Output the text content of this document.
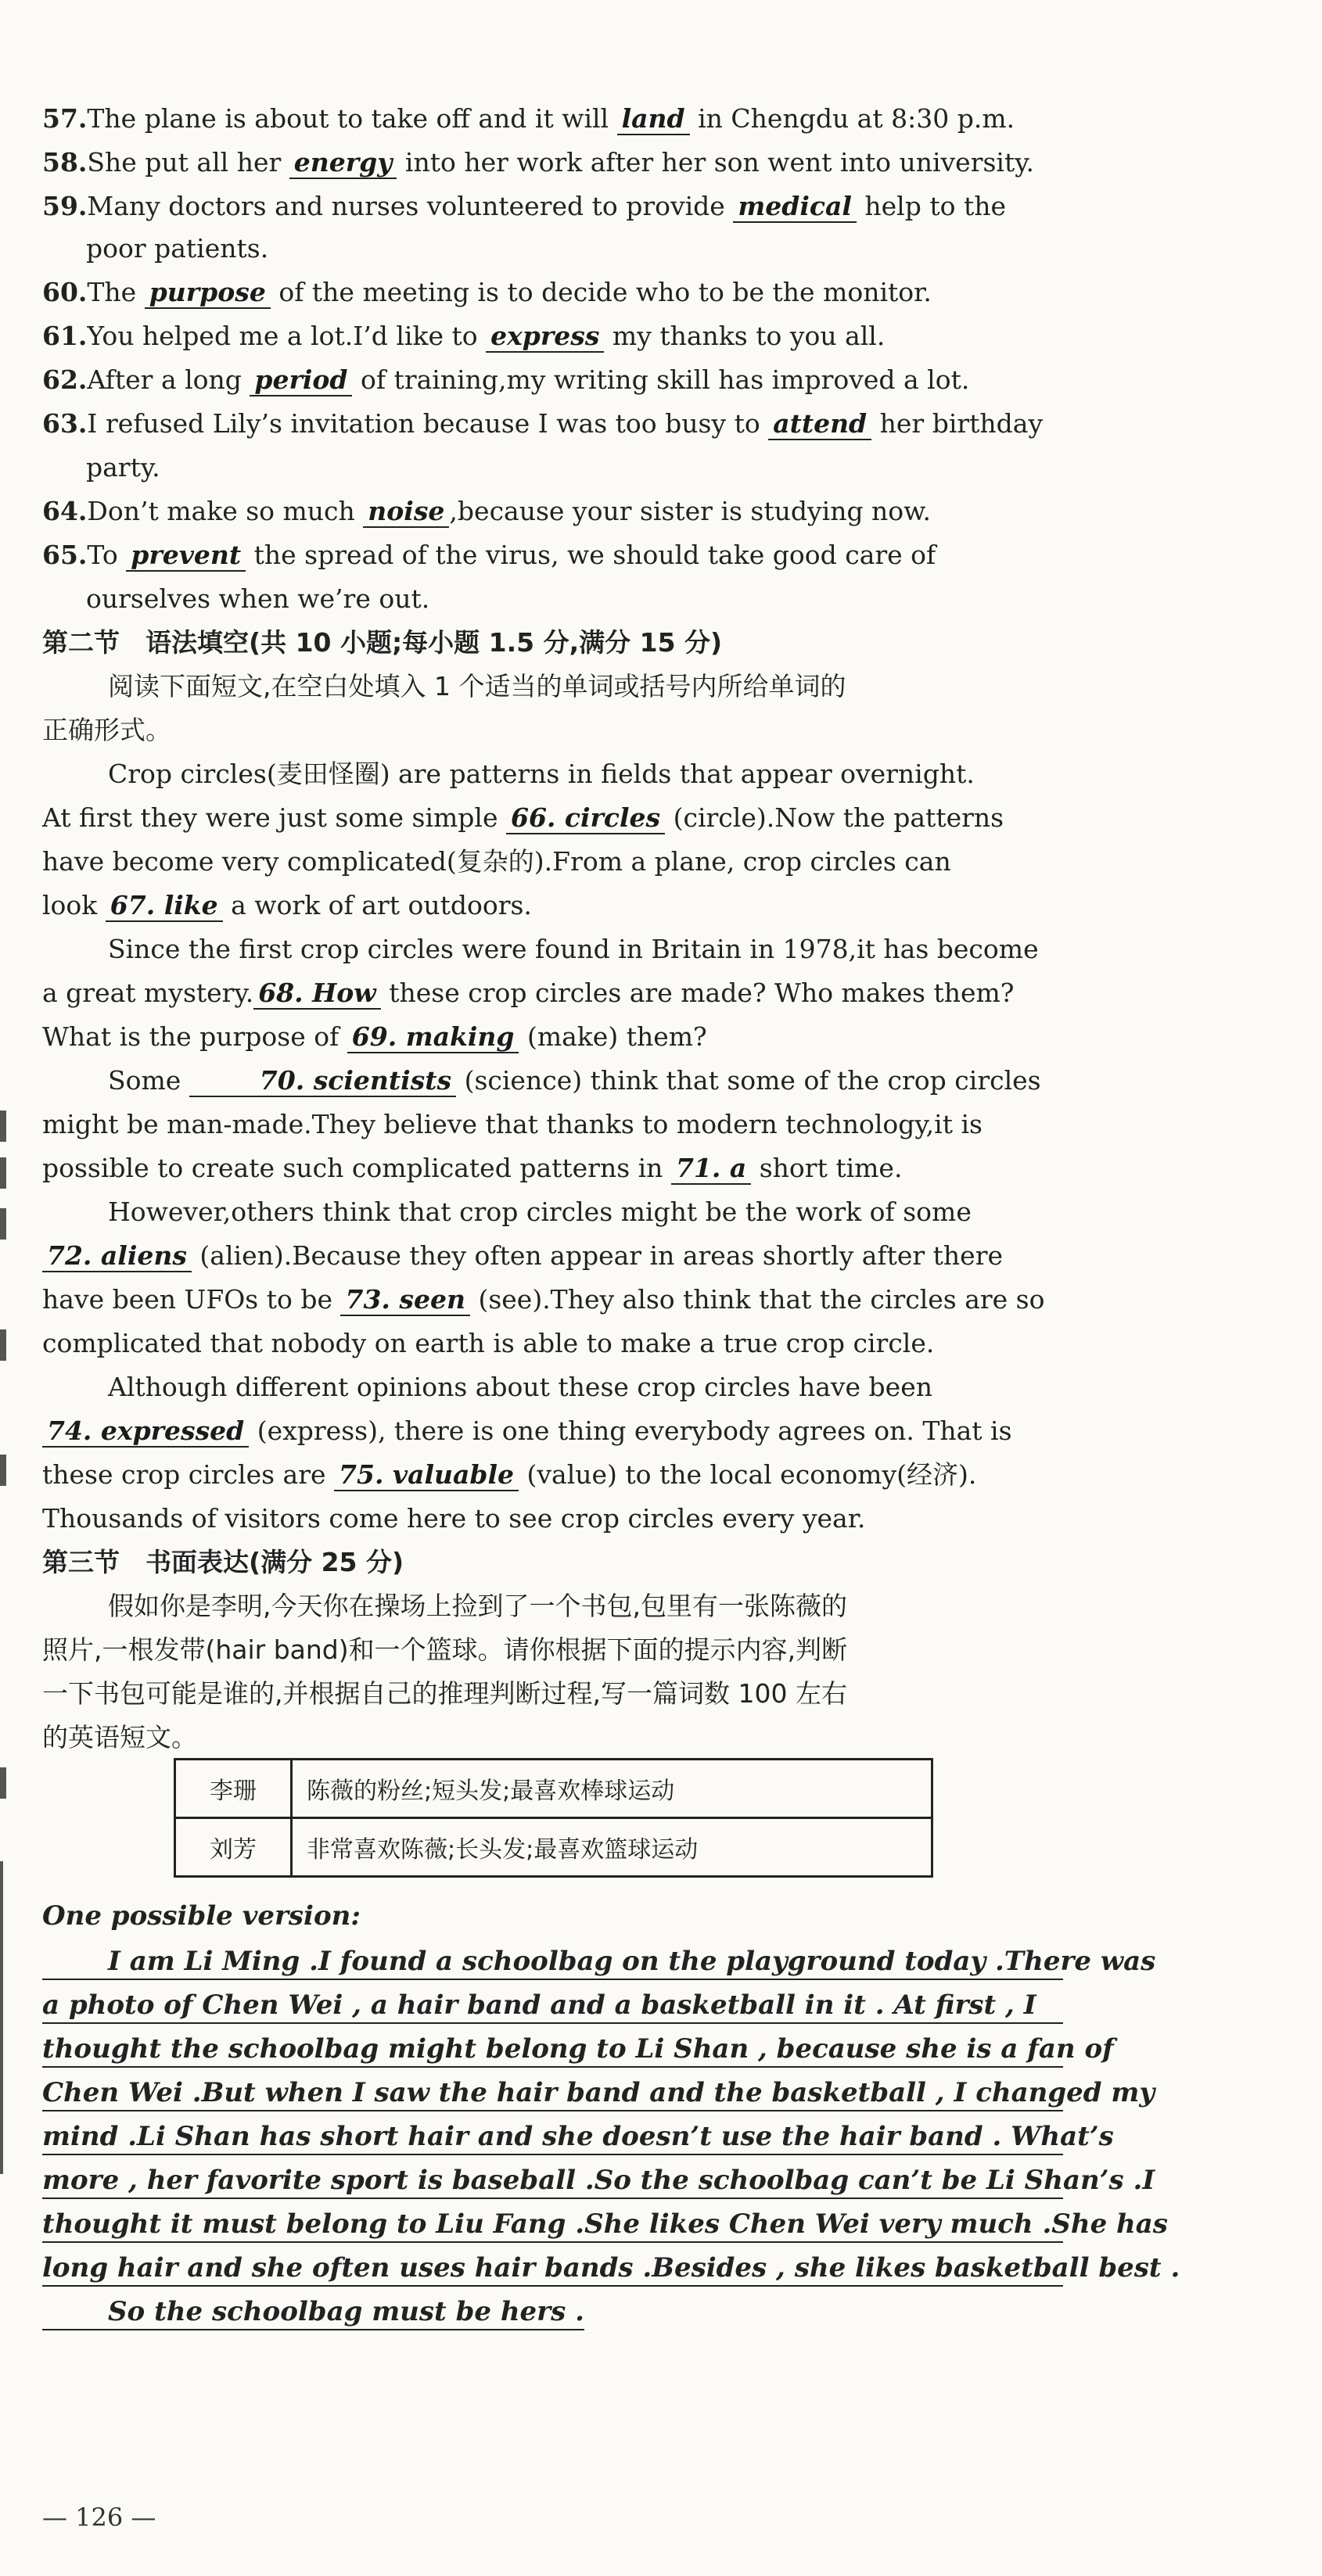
57.The plane is about to take off and it will land in Chengdu at 8:30 p.m.
58.She put all her energy into her work after her son went into university.
59.Many doctors and nurses volunteered to provide medical help to the
poor patients.
60.The purpose of the meeting is to decide who to be the monitor.
61.You helped me a lot.I’d like to express my thanks to you all.
62.After a long period of training,my writing skill has improved a lot.
63.I refused Lily’s invitation because I was too busy to attend her birthday
party.
64.Don’t make so much noise ,because your sister is studying now.
65.To prevent the spread of the virus, we should take good care of
ourselves when we’re out.
第二节　语法填空(共 10 小题;每小题 1.5 分,满分 15 分)
阅读下面短文,在空白处填入 1 个适当的单词或括号内所给单词的
正确形式。
Crop circles(麦田怪圈) are patterns in fields that appear overnight.
At first they were just some simple 66. circles (circle).Now the patterns
have become very complicated(复杂的).From a plane, crop circles can
look 67. like a work of art outdoors.
Since the first crop circles were found in Britain in 1978,it has become
a great mystery. 68. How these crop circles are made? Who makes them?
What is the purpose of 69. making (make) them?
Some	70. scientists (science) think that some of the crop circles
might be man-made.They believe that thanks to modern technology,it is
possible to create such complicated patterns in 71. a short time.
However,others think that crop circles might be the work of some
72. aliens (alien).Because they often appear in areas shortly after there
have been UFOs to be 73. seen (see).They also think that the circles are so
complicated that nobody on earth is able to make a true crop circle.
Although different opinions about these crop circles have been
74. expressed (express), there is one thing everybody agrees on. That is
these crop circles are 75. valuable (value) to the local economy(经济).
Thousands of visitors come here to see crop circles every year.
第三节　书面表达(满分 25 分)
假如你是李明,今天你在操场上捡到了一个书包,包里有一张陈薇的
照片,一根发带(hair band)和一个篮球。请你根据下面的提示内容,判断
一下书包可能是谁的,并根据自己的推理判断过程,写一篇词数 100 左右
的英语短文。
李珊	陈薇的粉丝;短头发;最喜欢棒球运动
刘芳	非常喜欢陈薇;长头发;最喜欢篮球运动
One possible version:
I am Li Ming .I found a schoolbag on the playground today .There was
a photo of Chen Wei , a hair band and a basketball in it . At first , I
thought the schoolbag might belong to Li Shan , because she is a fan of
Chen Wei .But when I saw the hair band and the basketball , I changed my
mind .Li Shan has short hair and she doesn’t use the hair band . What’s
more , her favorite sport is baseball .So the schoolbag can’t be Li Shan’s .I
thought it must belong to Liu Fang .She likes Chen Wei very much .She has
long hair and she often uses hair bands .Besides , she likes basketball best .
So the schoolbag must be hers .
— 126 —
